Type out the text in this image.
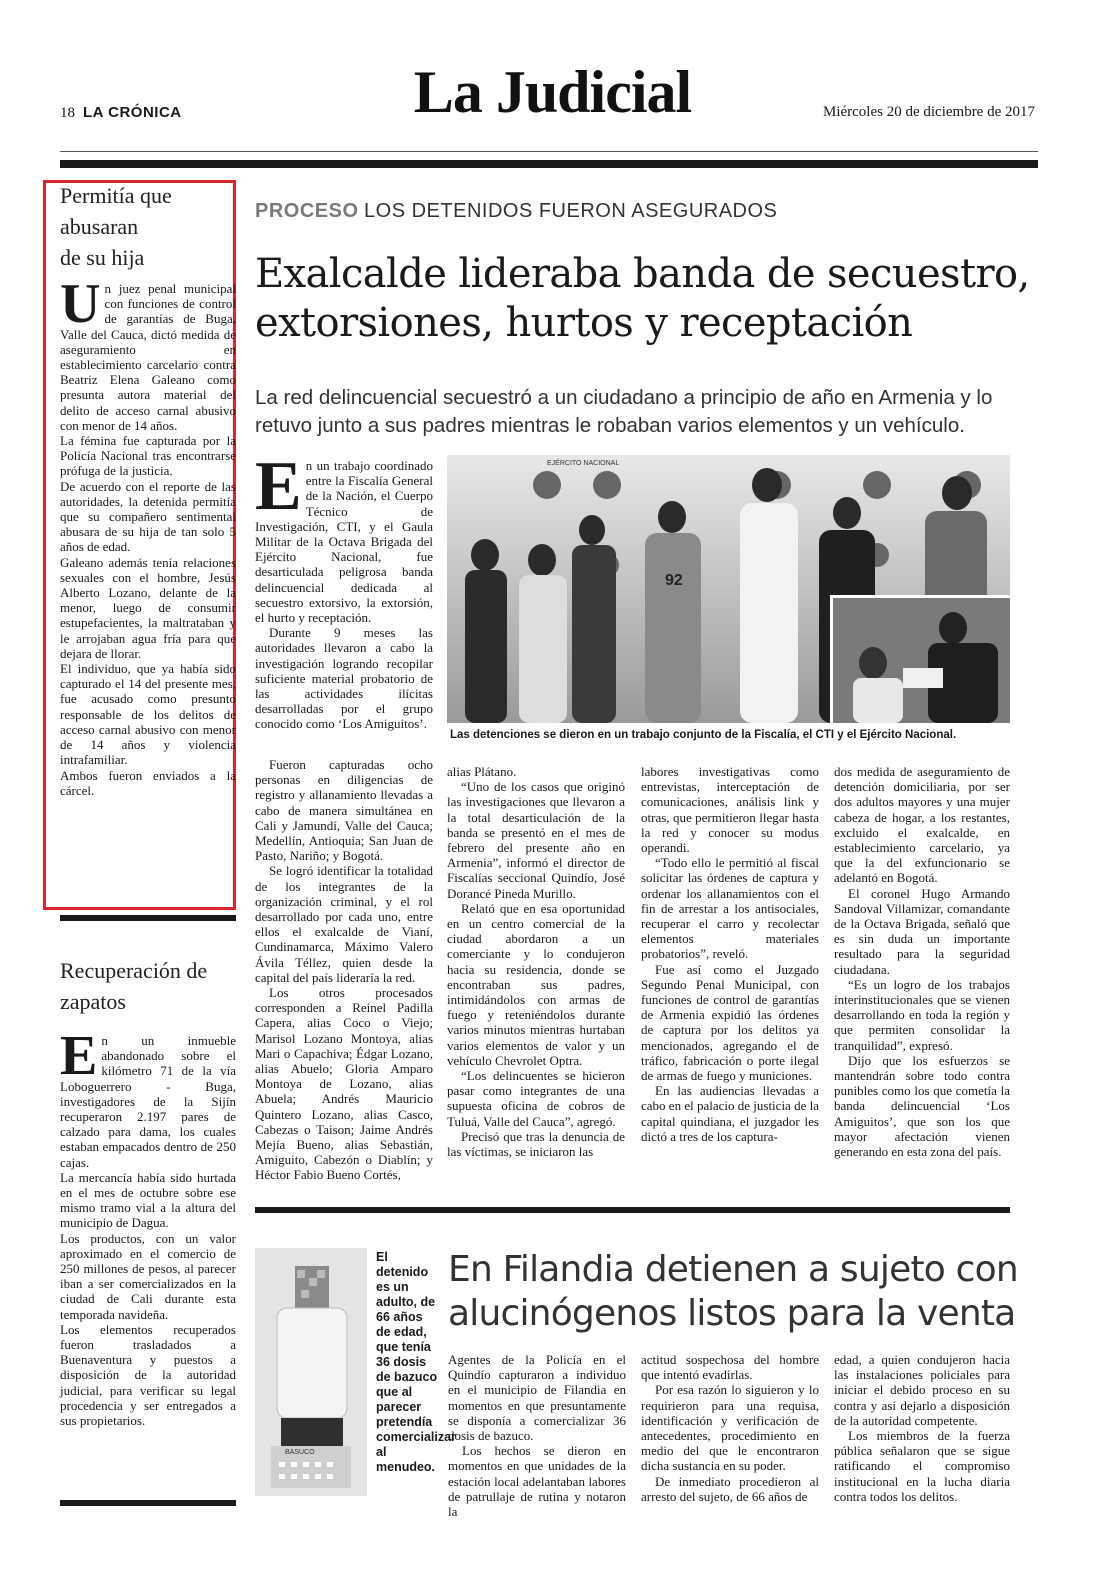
18 LA CRÓNICA	La Judicial	Miércoles 20 de diciembre de 2017
Permitía que
abusaran
de su hija

Un juez penal municipal con funciones de control de garantías de Buga, Valle del Cauca, dictó medida de aseguramiento en establecimiento carcelario contra Beatriz Elena Galeano como presunta autora material del delito de acceso carnal abusivo con menor de 14 años.

La fémina fue capturada por la Policía Nacional tras encontrarse prófuga de la justicia.

De acuerdo con el reporte de las autoridades, la detenida permitía que su compañero sentimental abusara de su hija de tan solo 5 años de edad.

Galeano además tenía relaciones sexuales con el hombre, Jesús Alberto Lozano, delante de la menor, luego de consumir estupefacientes, la maltrataban y le arrojaban agua fría para que dejara de llorar.

El individuo, que ya había sido capturado el 14 del presente mes, fue acusado como presunto responsable de los delitos de acceso carnal abusivo con menor de 14 años y violencia intrafamiliar.

Ambos fueron enviados a la cárcel.

Recuperación de
zapatos

En un inmueble abandonado sobre el kilómetro 71 de la vía Loboguerrero - Buga, investigadores de la Sijín recuperaron 2.197 pares de calzado para dama, los cuales estaban empacados dentro de 250 cajas.

La mercancía había sido hurtada en el mes de octubre sobre ese mismo tramo vial a la altura del municipio de Dagua.

Los productos, con un valor aproximado en el comercio de 250 millones de pesos, al parecer iban a ser comercializados en la ciudad de Cali durante esta temporada navideña.

Los elementos recuperados fueron trasladados a Buenaventura y puestos a disposición de la autoridad judicial, para verificar su legal procedencia y ser entregados a sus propietarios.

PROCESO LOS DETENIDOS FUERON ASEGURADOS
Exalcalde lideraba banda de secuestro,
extorsiones, hurtos y receptación
La red delincuencial secuestró a un ciudadano a principio de año en Armenia y lo retuvo junto a sus padres mientras le robaban varios elementos y un vehículo.

En un trabajo coordinado entre la Fiscalía General de la Nación, el Cuerpo Técnico de Investigación, CTI, y el Gaula Militar de la Octava Brigada del Ejército Nacional, fue desarticulada peligrosa banda delincuencial dedicada al secuestro extorsivo, la extorsión, el hurto y receptación.

Durante 9 meses las autoridades llevaron a cabo la investigación logrando recopilar suficiente material probatorio de las actividades ilícitas desarrolladas por el grupo conocido como ‘Los Amiguitos’.

EJÉRCITO NACIONAL
92
Las detenciones se dieron en un trabajo conjunto de la Fiscalía, el CTI y el Ejército Nacional.

Fueron capturadas ocho personas en diligencias de registro y allanamiento llevadas a cabo de manera simultánea en Cali y Jamundí, Valle del Cauca; Medellín, Antioquia; San Juan de Pasto, Nariño; y Bogotá.

Se logró identificar la totalidad de los integrantes de la organización criminal, y el rol desarrollado por cada uno, entre ellos el exalcalde de Vianí, Cundinamarca, Máximo Valero Ávila Téllez, quien desde la capital del país lideraría la red.

Los otros procesados corresponden a Reinel Padilla Capera, alias Coco o Viejo; Marisol Lozano Montoya, alias Mari o Capachiva; Édgar Lozano, alias Abuelo; Gloria Amparo Montoya de Lozano, alias Abuela; Andrés Mauricio Quintero Lozano, alias Casco, Cabezas o Taison; Jaime Andrés Mejía Bueno, alias Sebastián, Amiguito, Cabezón o Diablín; y Héctor Fabio Bueno Cortés,

alias Plátano.

“Uno de los casos que originó las investigaciones que llevaron a la total desarticulación de la banda se presentó en el mes de febrero del presente año en Armenia”, informó el director de Fiscalías seccional Quindío, José Dorancé Pineda Murillo.

Relató que en esa oportunidad en un centro comercial de la ciudad abordaron a un comerciante y lo condujeron hacia su residencia, donde se encontraban sus padres, intimidándolos con armas de fuego y reteniéndolos durante varios minutos mientras hurtaban varios elementos de valor y un vehículo Chevrolet Optra.

“Los delincuentes se hicieron pasar como integrantes de una supuesta oficina de cobros de Tuluá, Valle del Cauca”, agregó.

Precisó que tras la denuncia de las víctimas, se iniciaron las

labores investigativas como entrevistas, interceptación de comunicaciones, análisis link y otras, que permitieron llegar hasta la red y conocer su modus operandi.

“Todo ello le permitió al fiscal solicitar las órdenes de captura y ordenar los allanamientos con el fin de arrestar a los antisociales, recuperar el carro y recolectar elementos materiales probatorios”, reveló.

Fue así como el Juzgado Segundo Penal Municipal, con funciones de control de garantías de Armenia expidió las órdenes de captura por los delitos ya mencionados, agregando el de tráfico, fabricación o porte ilegal de armas de fuego y municiones.

En las audiencias llevadas a cabo en el palacio de justicia de la capital quindiana, el juzgador les dictó a tres de los captura-

dos medida de aseguramiento de detención domiciliaria, por ser dos adultos mayores y una mujer cabeza de hogar, a los restantes, excluido el exalcalde, en establecimiento carcelario, ya que la del exfuncionario se adelantó en Bogotá.

El coronel Hugo Armando Sandoval Villamizar, comandante de la Octava Brigada, señaló que es sin duda un importante resultado para la seguridad ciudadana.

“Es un logro de los trabajos interinstitucionales que se vienen desarrollando en toda la región y que permiten consolidar la tranquilidad”, expresó.

Dijo que los esfuerzos se mantendrán sobre todo contra punibles como los que cometía la banda delincuencial ‘Los Amiguitos’, que son los que mayor afectación vienen generando en esta zona del país.

BASUCO
El detenido es un adulto, de 66 años de edad, que tenía 36 dosis de bazuco que al parecer pretendía comercializar al menudeo.
En Filandia detienen a sujeto con
alucinógenos listos para la venta

Agentes de la Policía en el Quindío capturaron a individuo en el municipio de Filandia en momentos en que presuntamente se disponía a comercializar 36 dosis de bazuco.

Los hechos se dieron en momentos en que unidades de la estación local adelantaban labores de patrullaje de rutina y notaron la

actitud sospechosa del hombre que intentó evadirlas.

Por esa razón lo siguieron y lo requirieron para una requisa, identificación y verificación de antecedentes, procedimiento en medio del que le encontraron dicha sustancia en su poder.

De inmediato procedieron al arresto del sujeto, de 66 años de

edad, a quien condujeron hacia las instalaciones policiales para iniciar el debido proceso en su contra y así dejarlo a disposición de la autoridad competente.

Los miembros de la fuerza pública señalaron que se sigue ratificando el compromiso institucional en la lucha diaria contra todos los delitos.
